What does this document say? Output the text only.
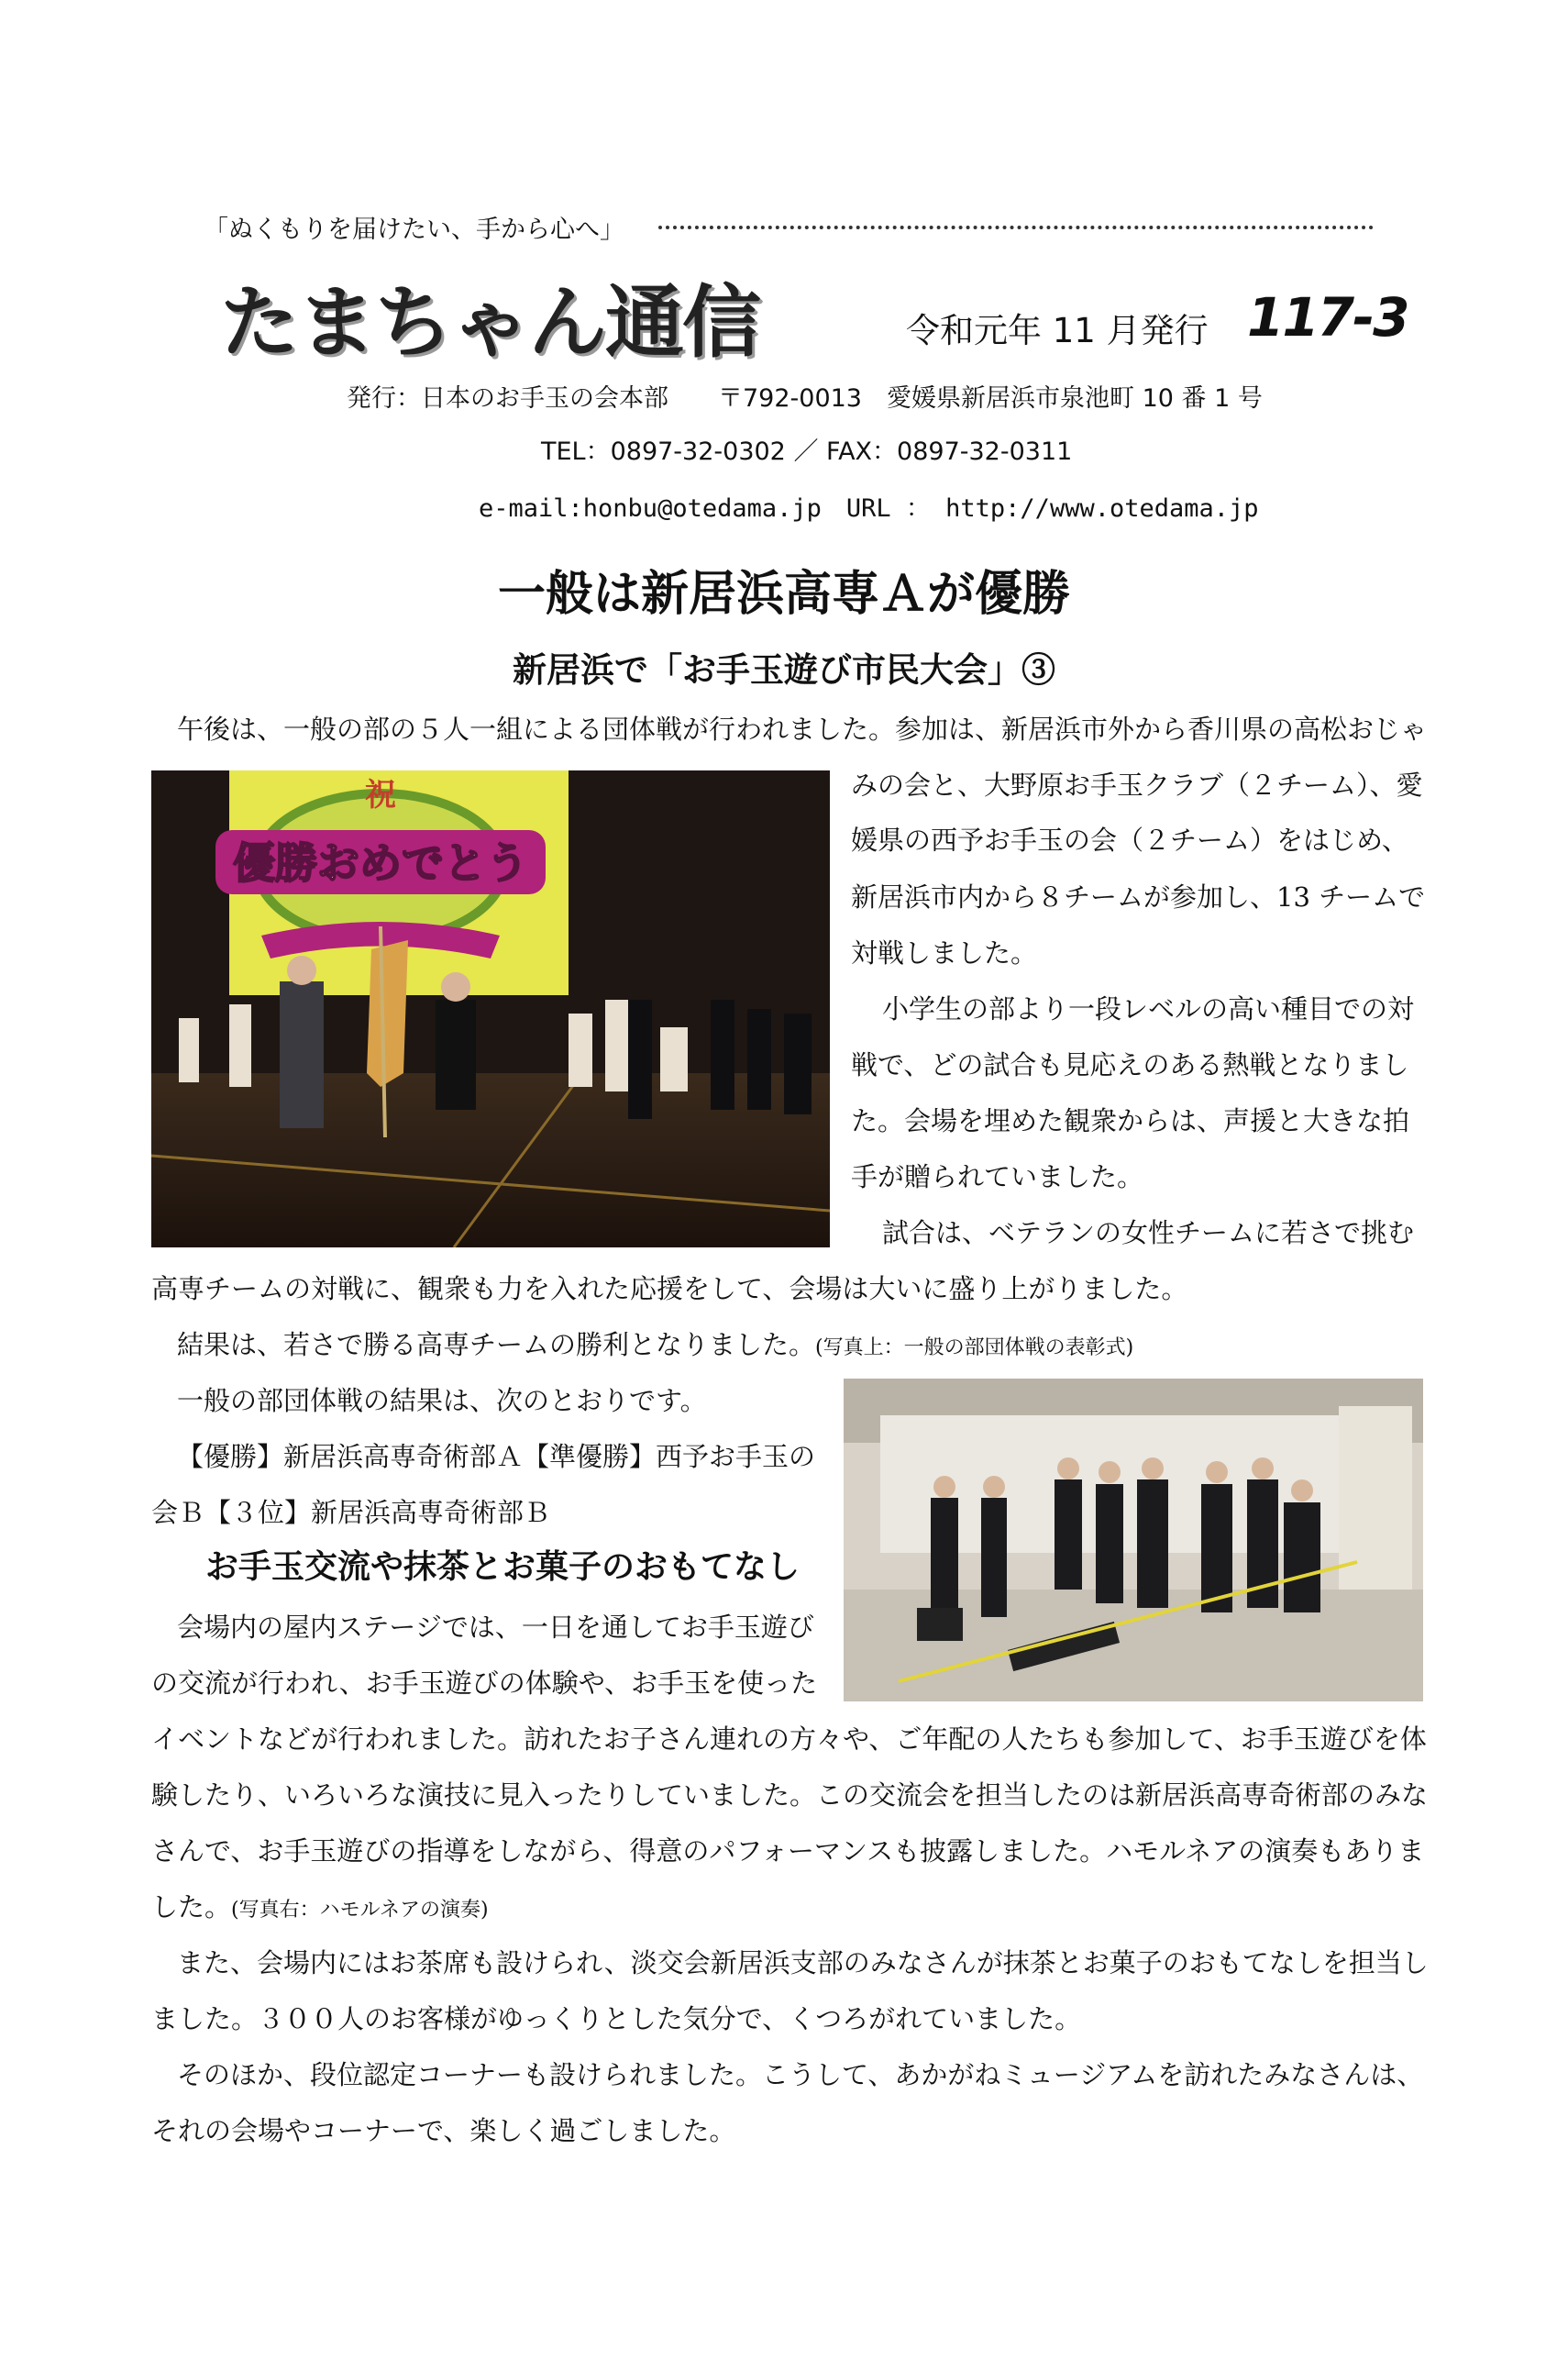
「ぬくもりを届けたい、手から心へ」
たまちゃん通信	令和元年 11 月発行 117-3
発行：日本のお手玉の会本部　　〒792-0013　愛媛県新居浜市泉池町 10 番 1 号
TEL：0897-32-0302 ／ FAX：0897-32-0311
e-mail:honbu@otedama.jp　URL ： http://www.otedama.jp
一般は新居浜高専Ａが優勝
新居浜で「お手玉遊び市民大会」③
祝
優勝おめでとう
午後は、一般の部の５人一組による団体戦が行われました。参加は、新居浜市外から香川県の高松おじゃ
みの会と、大野原お手玉クラブ（２チーム）、愛
媛県の西予お手玉の会（２チーム）をはじめ、
新居浜市内から８チームが参加し、13 チームで
対戦しました。
小学生の部より一段レベルの高い種目での対
戦で、どの試合も見応えのある熱戦となりまし
た。会場を埋めた観衆からは、声援と大きな拍
手が贈られていました。
試合は、ベテランの女性チームに若さで挑む
高専チームの対戦に、観衆も力を入れた応援をして、会場は大いに盛り上がりました。
結果は、若さで勝る高専チームの勝利となりました。(写真上：一般の部団体戦の表彰式)
一般の部団体戦の結果は、次のとおりです。
【優勝】新居浜高専奇術部Ａ【準優勝】西予お手玉の
会Ｂ【３位】新居浜高専奇術部Ｂ
お手玉交流や抹茶とお菓子のおもてなし
会場内の屋内ステージでは、一日を通してお手玉遊び
の交流が行われ、お手玉遊びの体験や、お手玉を使った
イベントなどが行われました。訪れたお子さん連れの方々や、ご年配の人たちも参加して、お手玉遊びを体
験したり、いろいろな演技に見入ったりしていました。この交流会を担当したのは新居浜高専奇術部のみな
さんで、お手玉遊びの指導をしながら、得意のパフォーマンスも披露しました。ハモルネアの演奏もありま
した。(写真右：ハモルネアの演奏)
また、会場内にはお茶席も設けられ、淡交会新居浜支部のみなさんが抹茶とお菓子のおもてなしを担当し
ました。３００人のお客様がゆっくりとした気分で、くつろがれていました。
そのほか、段位認定コーナーも設けられました。こうして、あかがねミュージアムを訪れたみなさんは、
それの会場やコーナーで、楽しく過ごしました。
